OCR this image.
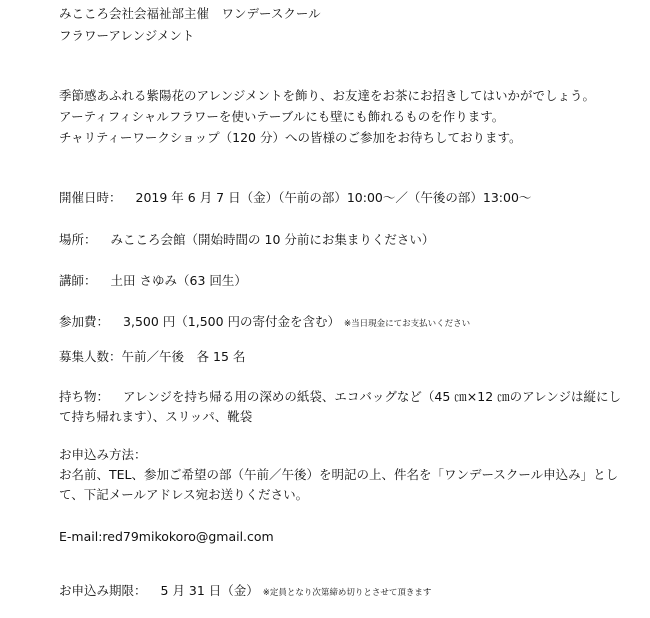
みこころ会社会福祉部主催　ワンデースクール
フラワーアレンジメント
季節感あふれる紫陽花のアレンジメントを飾り、お友達をお茶にお招きしてはいかがでしょう。
アーティフィシャルフラワーを使いテーブルにも壁にも飾れるものを作ります。
チャリティーワークショップ（120 分）への皆様のご参加をお待ちしております。
開催日時： 2019 年 6 月 7 日（金）（午前の部）10:00～／（午後の部）13:00～
場所： みこころ会館（開始時間の 10 分前にお集まりください）
講師： 土田 さゆみ（63 回生）
参加費： 3,500 円（1,500 円の寄付金を含む） ※当日現金にてお支払いください
募集人数：午前／午後　各 15 名
持ち物： アレンジを持ち帰る用の深めの紙袋、エコバッグなど（45 ㎝×12 ㎝のアレンジは縦にし
て持ち帰れます）、スリッパ、靴袋
お申込み方法：
お名前、TEL、参加ご希望の部（午前／午後）を明記の上、件名を「ワンデースクール申込み」とし
て、下記メールアドレス宛お送りください。
E-mail:red79mikokoro@gmail.com
お申込み期限： 5 月 31 日（金） ※定員となり次第締め切りとさせて頂きます
